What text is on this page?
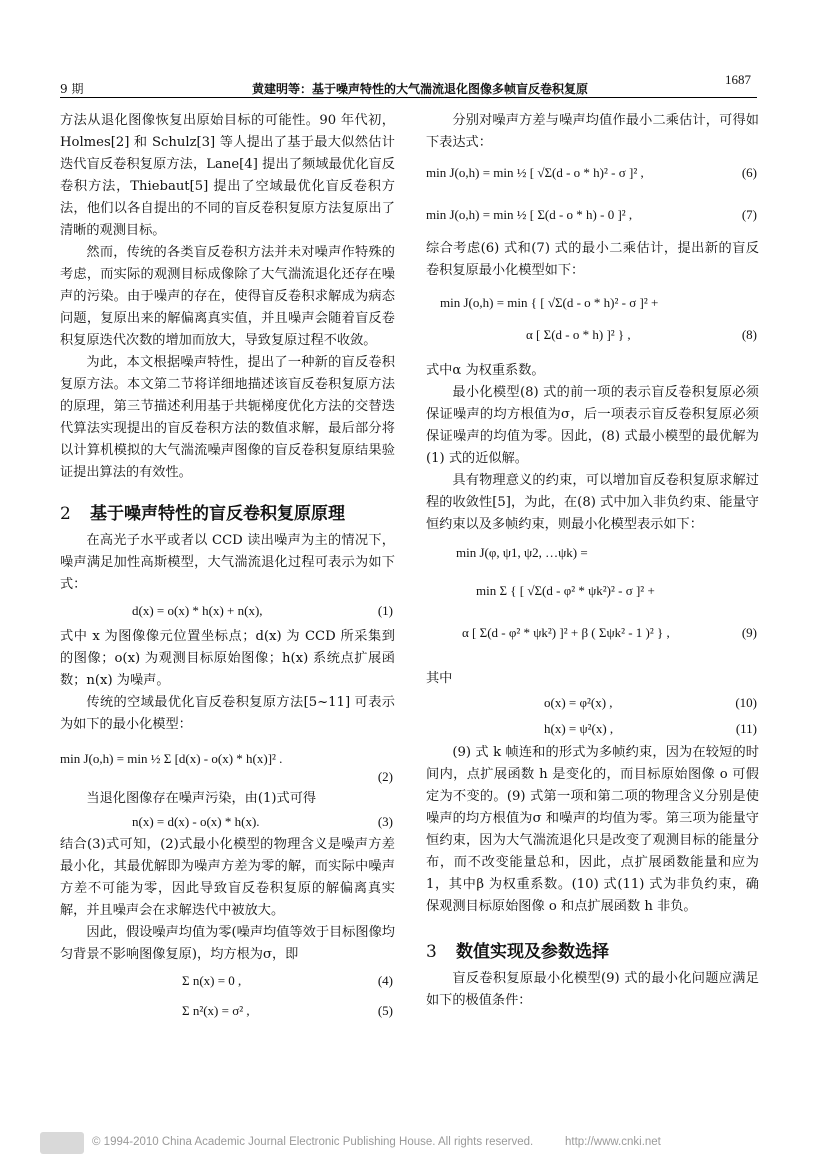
9 期	黄建明等：基于噪声特性的大气湍流退化图像多帧盲反卷积复原
1687

方法从退化图像恢复出原始目标的可能性。90 年代初，Holmes[2] 和 Schulz[3] 等人提出了基于最大似然估计迭代盲反卷积复原方法，Lane[4] 提出了频域最优化盲反卷积方法，Thiebaut[5] 提出了空域最优化盲反卷积方法，他们以各自提出的不同的盲反卷积复原方法复原出了清晰的观测目标。

然而，传统的各类盲反卷积方法并未对噪声作特殊的考虑，而实际的观测目标成像除了大气湍流退化还存在噪声的污染。由于噪声的存在，使得盲反卷积求解成为病态问题，复原出来的解偏离真实值，并且噪声会随着盲反卷积复原迭代次数的增加而放大，导致复原过程不收敛。

为此，本文根据噪声特性，提出了一种新的盲反卷积复原方法。本文第二节将详细地描述该盲反卷积复原方法的原理，第三节描述利用基于共轭梯度优化方法的交替迭代算法实现提出的盲反卷积方法的数值求解，最后部分将以计算机模拟的大气湍流噪声图像的盲反卷积复原结果验证提出算法的有效性。

2 基于噪声特性的盲反卷积复原原理

在高光子水平或者以 CCD 读出噪声为主的情况下，噪声满足加性高斯模型，大气湍流退化过程可表示为如下式：

d(x) = o(x) * h(x) + n(x),	(1)

式中 x 为图像像元位置坐标点；d(x) 为 CCD 所采集到的图像；o(x) 为观测目标原始图像；h(x) 系统点扩展函数；n(x) 为噪声。

传统的空域最优化盲反卷积复原方法[5~11] 可表示为如下的最小化模型：

min J(o,h) = min ½ Σ [d(x) - o(x) * h(x)]² .
(2)

当退化图像存在噪声污染，由(1)式可得

n(x) = d(x) - o(x) * h(x).	(3)

结合(3)式可知，(2)式最小化模型的物理含义是噪声方差最小化，其最优解即为噪声方差为零的解，而实际中噪声方差不可能为零，因此导致盲反卷积复原的解偏离真实解，并且噪声会在求解迭代中被放大。

因此，假设噪声均值为零(噪声均值等效于目标图像均匀背景不影响图像复原)，均方根为σ，即

Σ n(x) = 0 ,	(4)
Σ n²(x) = σ² ,	(5)

分别对噪声方差与噪声均值作最小二乘估计，可得如下表达式：

min J(o,h) = min ½ [ √Σ(d - o * h)² - σ ]² ,	(6)
min J(o,h) = min ½ [ Σ(d - o * h) - 0 ]² ,	(7)

综合考虑(6) 式和(7) 式的最小二乘估计，提出新的盲反卷积复原最小化模型如下：

min J(o,h) = min { [ √Σ(d - o * h)² - σ ]² +
α [ Σ(d - o * h) ]² } ,	(8)

式中α 为权重系数。

最小化模型(8) 式的前一项的表示盲反卷积复原必须保证噪声的均方根值为σ，后一项表示盲反卷积复原必须保证噪声的均值为零。因此，(8) 式最小模型的最优解为(1) 式的近似解。

具有物理意义的约束，可以增加盲反卷积复原求解过程的收敛性[5]，为此，在(8) 式中加入非负约束、能量守恒约束以及多帧约束，则最小化模型表示如下：

min J(φ, ψ1, ψ2, …ψk) =
min Σ { [ √Σ(d - φ² * ψk²)² - σ ]² +
α [ Σ(d - φ² * ψk²) ]² + β ( Σψk² - 1 )² } ,	(9)

其中

o(x) = φ²(x) ,	(10)
h(x) = ψ²(x) ,	(11)

(9) 式 k 帧连和的形式为多帧约束，因为在较短的时间内，点扩展函数 h 是变化的，而目标原始图像 o 可假定为不变的。(9) 式第一项和第二项的物理含义分别是使噪声的均方根值为σ 和噪声的均值为零。第三项为能量守恒约束，因为大气湍流退化只是改变了观测目标的能量分布，而不改变能量总和，因此，点扩展函数能量和应为 1，其中β 为权重系数。(10) 式(11) 式为非负约束，确保观测目标原始图像 o 和点扩展函数 h 非负。

3 数值实现及参数选择

盲反卷积复原最小化模型(9) 式的最小化问题应满足如下的极值条件：

© 1994-2010 China Academic Journal Electronic Publishing House. All rights reserved.	http://www.cnki.net
